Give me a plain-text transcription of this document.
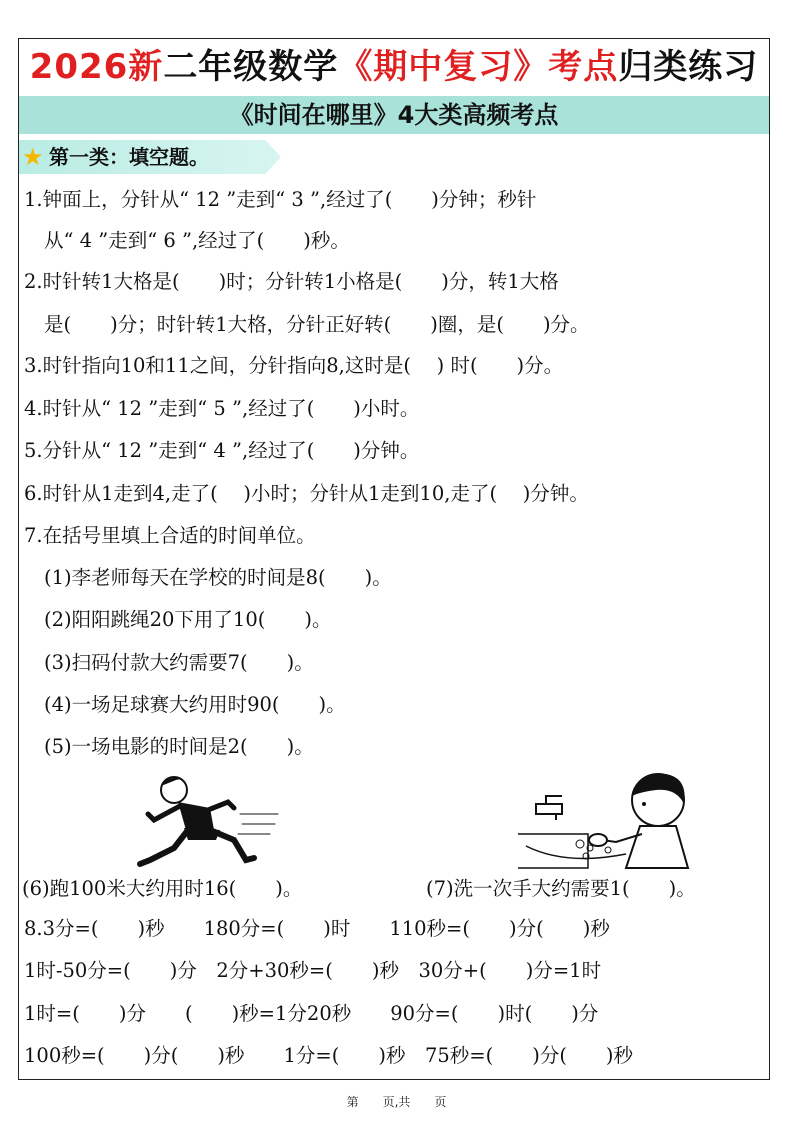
2026新二年级数学《期中复习》考点归类练习
《时间在哪里》4大类高频考点
★ 第一类：填空题。
1.钟面上，分针从“ 12 ”走到“ 3 ”,经过了(　　)分钟；秒针
从“ 4 ”走到“ 6 ”,经过了(　　)秒。
2.时针转1大格是(　　)时；分针转1小格是(　　)分，转1大格
是(　　)分；时针转1大格，分针正好转(　　)圈，是(　　)分。
3.时针指向10和11之间，分针指向8,这时是(　 ) 时(　　)分。
4.时针从“ 12 ”走到“ 5 ”,经过了(　　)小时。
5.分针从“ 12 ”走到“ 4 ”,经过了(　　)分钟。
6.时针从1走到4,走了(　 )小时；分针从1走到10,走了(　 )分钟。
7.在括号里填上合适的时间单位。
(1)李老师每天在学校的时间是8(　　)。
(2)阳阳跳绳20下用了10(　　)。
(3)扫码付款大约需要7(　　)。
(4)一场足球赛大约用时90(　　)。
(5)一场电影的时间是2(　　)。
(6)跑100米大约用时16(　　)。	(7)洗一次手大约需要1(　　)。
8.3分=(　　)秒　　180分=(　　)时　　110秒=(　　)分(　　)秒
1时-50分=(　　)分　2分+30秒=(　　)秒　30分+(　　)分=1时
1时=(　　)分　　(　　)秒=1分20秒　　90分=(　　)时(　　)分
100秒=(　　)分(　　)秒　　1分=(　　)秒　75秒=(　　)分(　　)秒
第　　页,共　　页
